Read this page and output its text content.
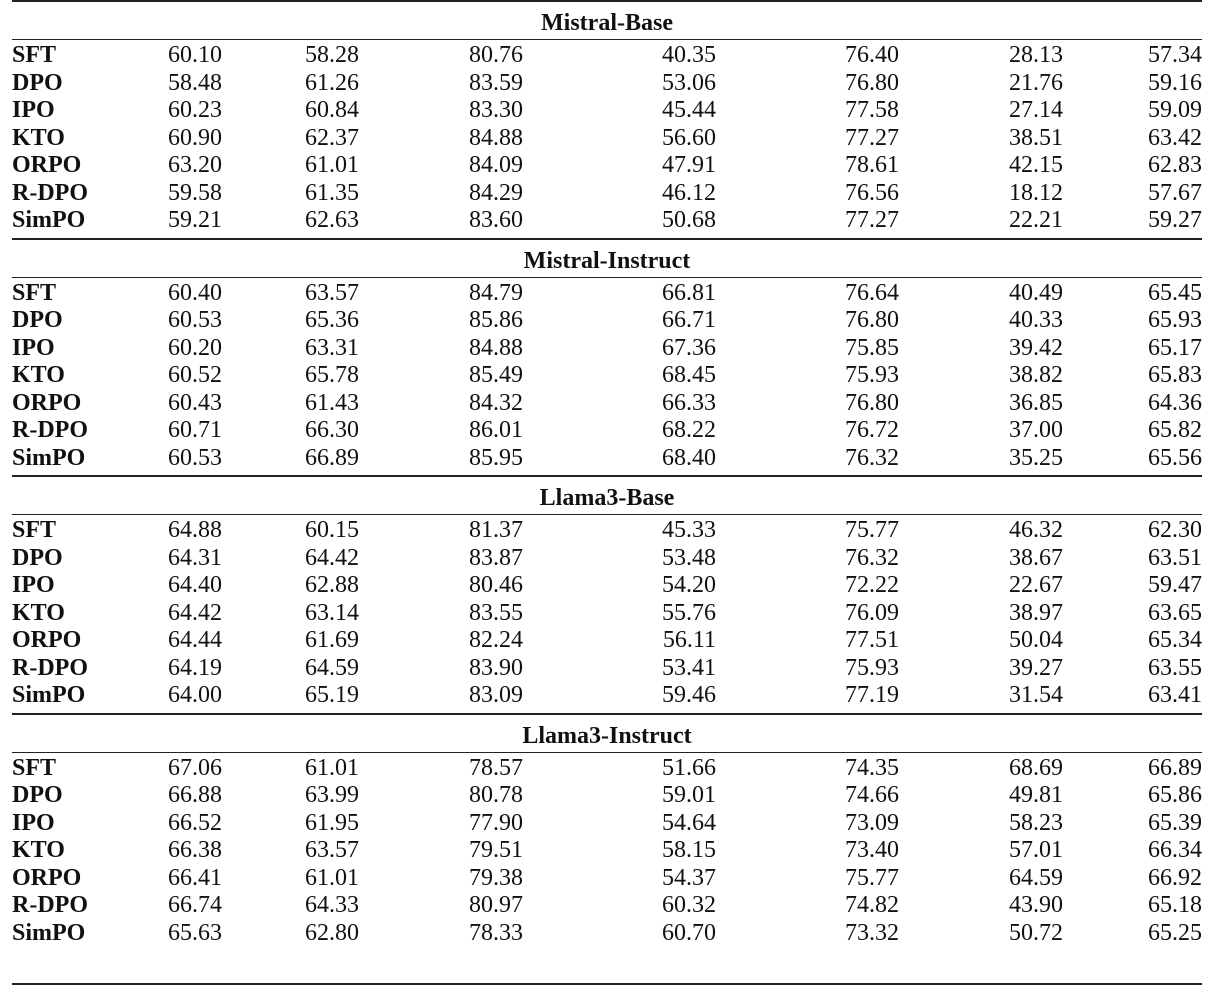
Mistral-Base
SFT	60.10	58.28	80.76	40.35	76.40	28.13	57.34
DPO	58.48	61.26	83.59	53.06	76.80	21.76	59.16
IPO	60.23	60.84	83.30	45.44	77.58	27.14	59.09
KTO	60.90	62.37	84.88	56.60	77.27	38.51	63.42
ORPO	63.20	61.01	84.09	47.91	78.61	42.15	62.83
R-DPO	59.58	61.35	84.29	46.12	76.56	18.12	57.67
SimPO	59.21	62.63	83.60	50.68	77.27	22.21	59.27
Mistral-Instruct
SFT	60.40	63.57	84.79	66.81	76.64	40.49	65.45
DPO	60.53	65.36	85.86	66.71	76.80	40.33	65.93
IPO	60.20	63.31	84.88	67.36	75.85	39.42	65.17
KTO	60.52	65.78	85.49	68.45	75.93	38.82	65.83
ORPO	60.43	61.43	84.32	66.33	76.80	36.85	64.36
R-DPO	60.71	66.30	86.01	68.22	76.72	37.00	65.82
SimPO	60.53	66.89	85.95	68.40	76.32	35.25	65.56
Llama3-Base
SFT	64.88	60.15	81.37	45.33	75.77	46.32	62.30
DPO	64.31	64.42	83.87	53.48	76.32	38.67	63.51
IPO	64.40	62.88	80.46	54.20	72.22	22.67	59.47
KTO	64.42	63.14	83.55	55.76	76.09	38.97	63.65
ORPO	64.44	61.69	82.24	56.11	77.51	50.04	65.34
R-DPO	64.19	64.59	83.90	53.41	75.93	39.27	63.55
SimPO	64.00	65.19	83.09	59.46	77.19	31.54	63.41
Llama3-Instruct
SFT	67.06	61.01	78.57	51.66	74.35	68.69	66.89
DPO	66.88	63.99	80.78	59.01	74.66	49.81	65.86
IPO	66.52	61.95	77.90	54.64	73.09	58.23	65.39
KTO	66.38	63.57	79.51	58.15	73.40	57.01	66.34
ORPO	66.41	61.01	79.38	54.37	75.77	64.59	66.92
R-DPO	66.74	64.33	80.97	60.32	74.82	43.90	65.18
SimPO	65.63	62.80	78.33	60.70	73.32	50.72	65.25
